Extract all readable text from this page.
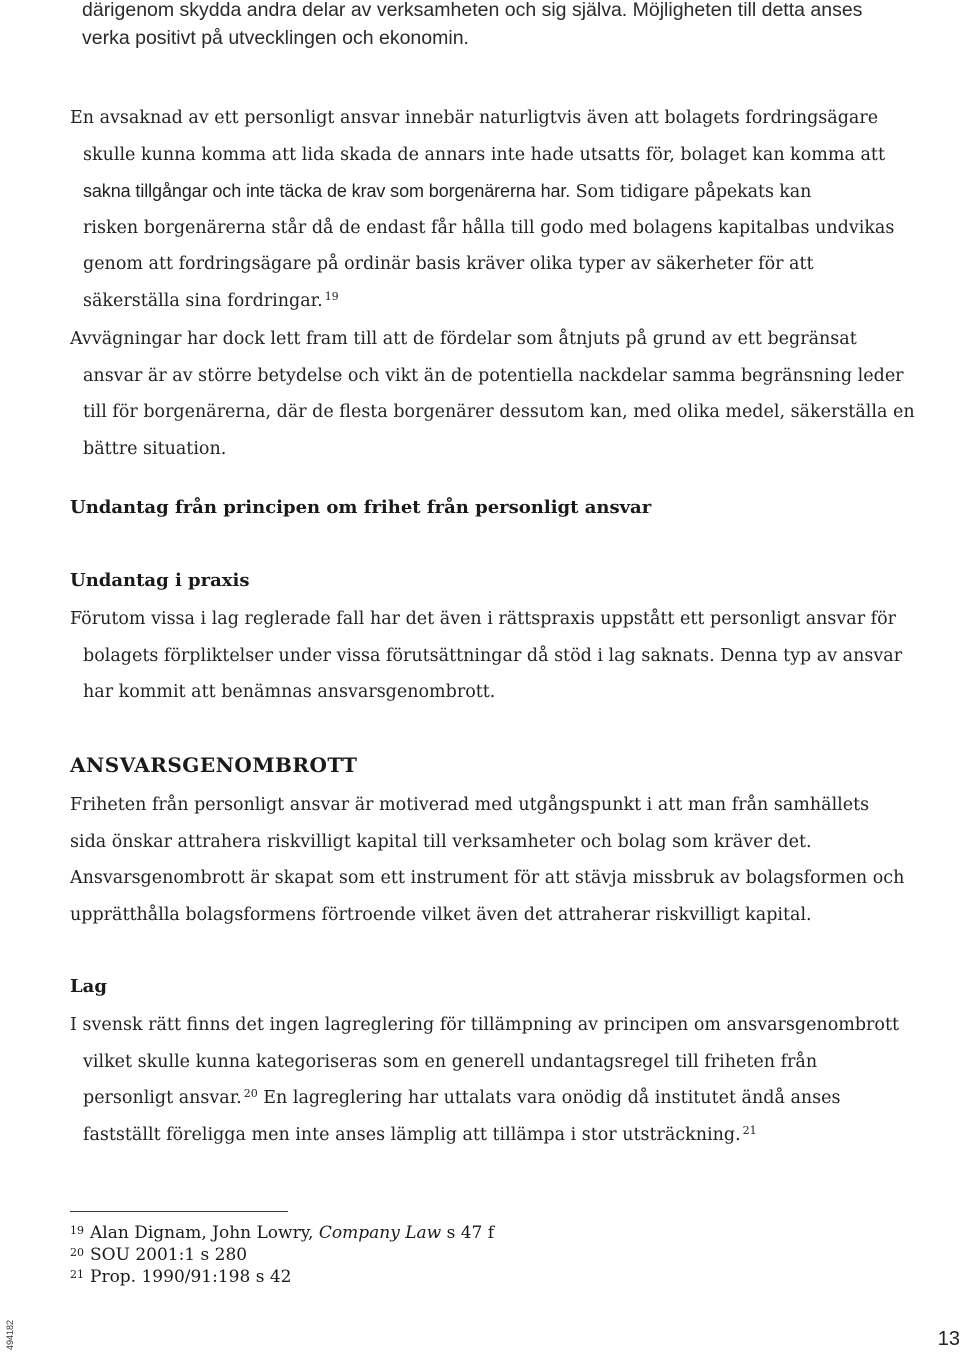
därigenom skydda andra delar av verksamheten och sig själva. Möjligheten till detta anses
verka positivt på utvecklingen och ekonomin.
En avsaknad av ett personligt ansvar innebär naturligtvis även att bolagets fordringsägare
skulle kunna komma att lida skada de annars inte hade utsatts för, bolaget kan komma att
sakna tillgångar och inte täcka de krav som borgenärerna har. Som tidigare påpekats kan
risken borgenärerna står då de endast får hålla till godo med bolagens kapitalbas undvikas
genom att fordringsägare på ordinär basis kräver olika typer av säkerheter för att
säkerställa sina fordringar. $^{19}$
Avvägningar har dock lett fram till att de fördelar som åtnjuts på grund av ett begränsat
ansvar är av större betydelse och vikt än de potentiella nackdelar samma begränsning leder
till för borgenärerna, där de flesta borgenärer dessutom kan, med olika medel, säkerställa en
bättre situation.
Undantag från principen om frihet från personligt ansvar
Undantag i praxis
Förutom vissa i lag reglerade fall har det även i rättspraxis uppstått ett personligt ansvar för
bolagets förpliktelser under vissa förutsättningar då stöd i lag saknats. Denna typ av ansvar
har kommit att benämnas ansvarsgenombrott.
ANSVARSGENOMBROTT
Friheten från personligt ansvar är motiverad med utgångspunkt i att man från samhällets
sida önskar attrahera riskvilligt kapital till verksamheter och bolag som kräver det.
Ansvarsgenombrott är skapat som ett instrument för att stävja missbruk av bolagsformen och
upprätthålla bolagsformens förtroende vilket även det attraherar riskvilligt kapital.
Lag
I svensk rätt finns det ingen lagreglering för tillämpning av principen om ansvarsgenombrott
vilket skulle kunna kategoriseras som en generell undantagsregel till friheten från
personligt ansvar. $^{20}$ En lagreglering har uttalats vara onödig då institutet ändå anses
fastställt föreligga men inte anses lämplig att tillämpa i stor utsträckning. $^{21}$
$^{19}$ Alan Dignam, John Lowry, Company Law s 47 f
$^{20}$ SOU 2001:1 s 280
$^{21}$ Prop. 1990/91:198 s 42
494182	13
